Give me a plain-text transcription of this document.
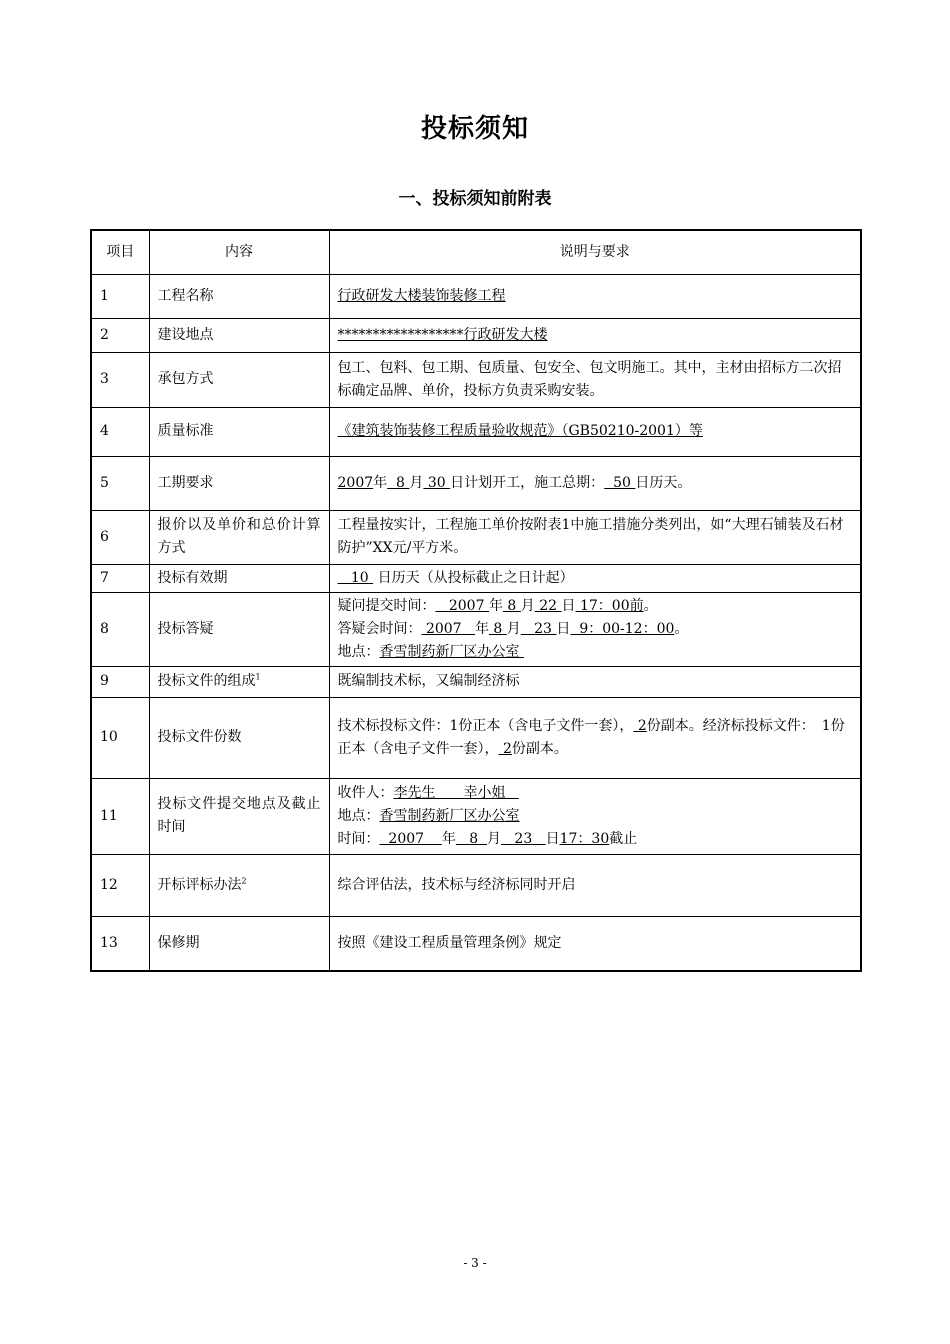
投标须知
一、投标须知前附表
项目	内容	说明与要求
1	工程名称	行政研发大楼装饰装修工程
2	建设地点	******************行政研发大楼
3	承包方式	包工、包料、包工期、包质量、包安全、包文明施工。其中，主材由招标方二次招标确定品牌、单价，投标方负责采购安装。
4	质量标准	《建筑装饰装修工程质量验收规范》（GB50210-2001）等
5	工期要求	2007年 8 月 30 日计划开工，施工总期： 50 日历天。
6	报价以及单价和总价计算方式	工程量按实计，工程施工单价按附表1中施工措施分类列出，如“大理石铺装及石材防护”XX元/平方米。
7	投标有效期	10 日历天（从投标截止之日计起）
8	投标答疑	疑问提交时间： 2007 年 8 月 22 日 17：00前。
答疑会时间： 2007 年 8 月 23 日 9：00-12：00。
地点：香雪制药新厂区办公室

9	投标文件的组成$^1$	既编制技术标，又编制经济标
10	投标文件份数	技术标投标文件：1份正本（含电子文件一套）， 2份副本。经济标投标文件：　1份正本（含电子文件一套）， 2份副本。
11	投标文件提交地点及截止时间	收件人：李先生　　幸小姐
地点：香雪制药新厂区办公室
时间： 2007 年 8 月 23 日17：30截止

12	开标评标办法$^2$	综合评估法，技术标与经济标同时开启
13	保修期	按照《建设工程质量管理条例》规定
- 3 -
